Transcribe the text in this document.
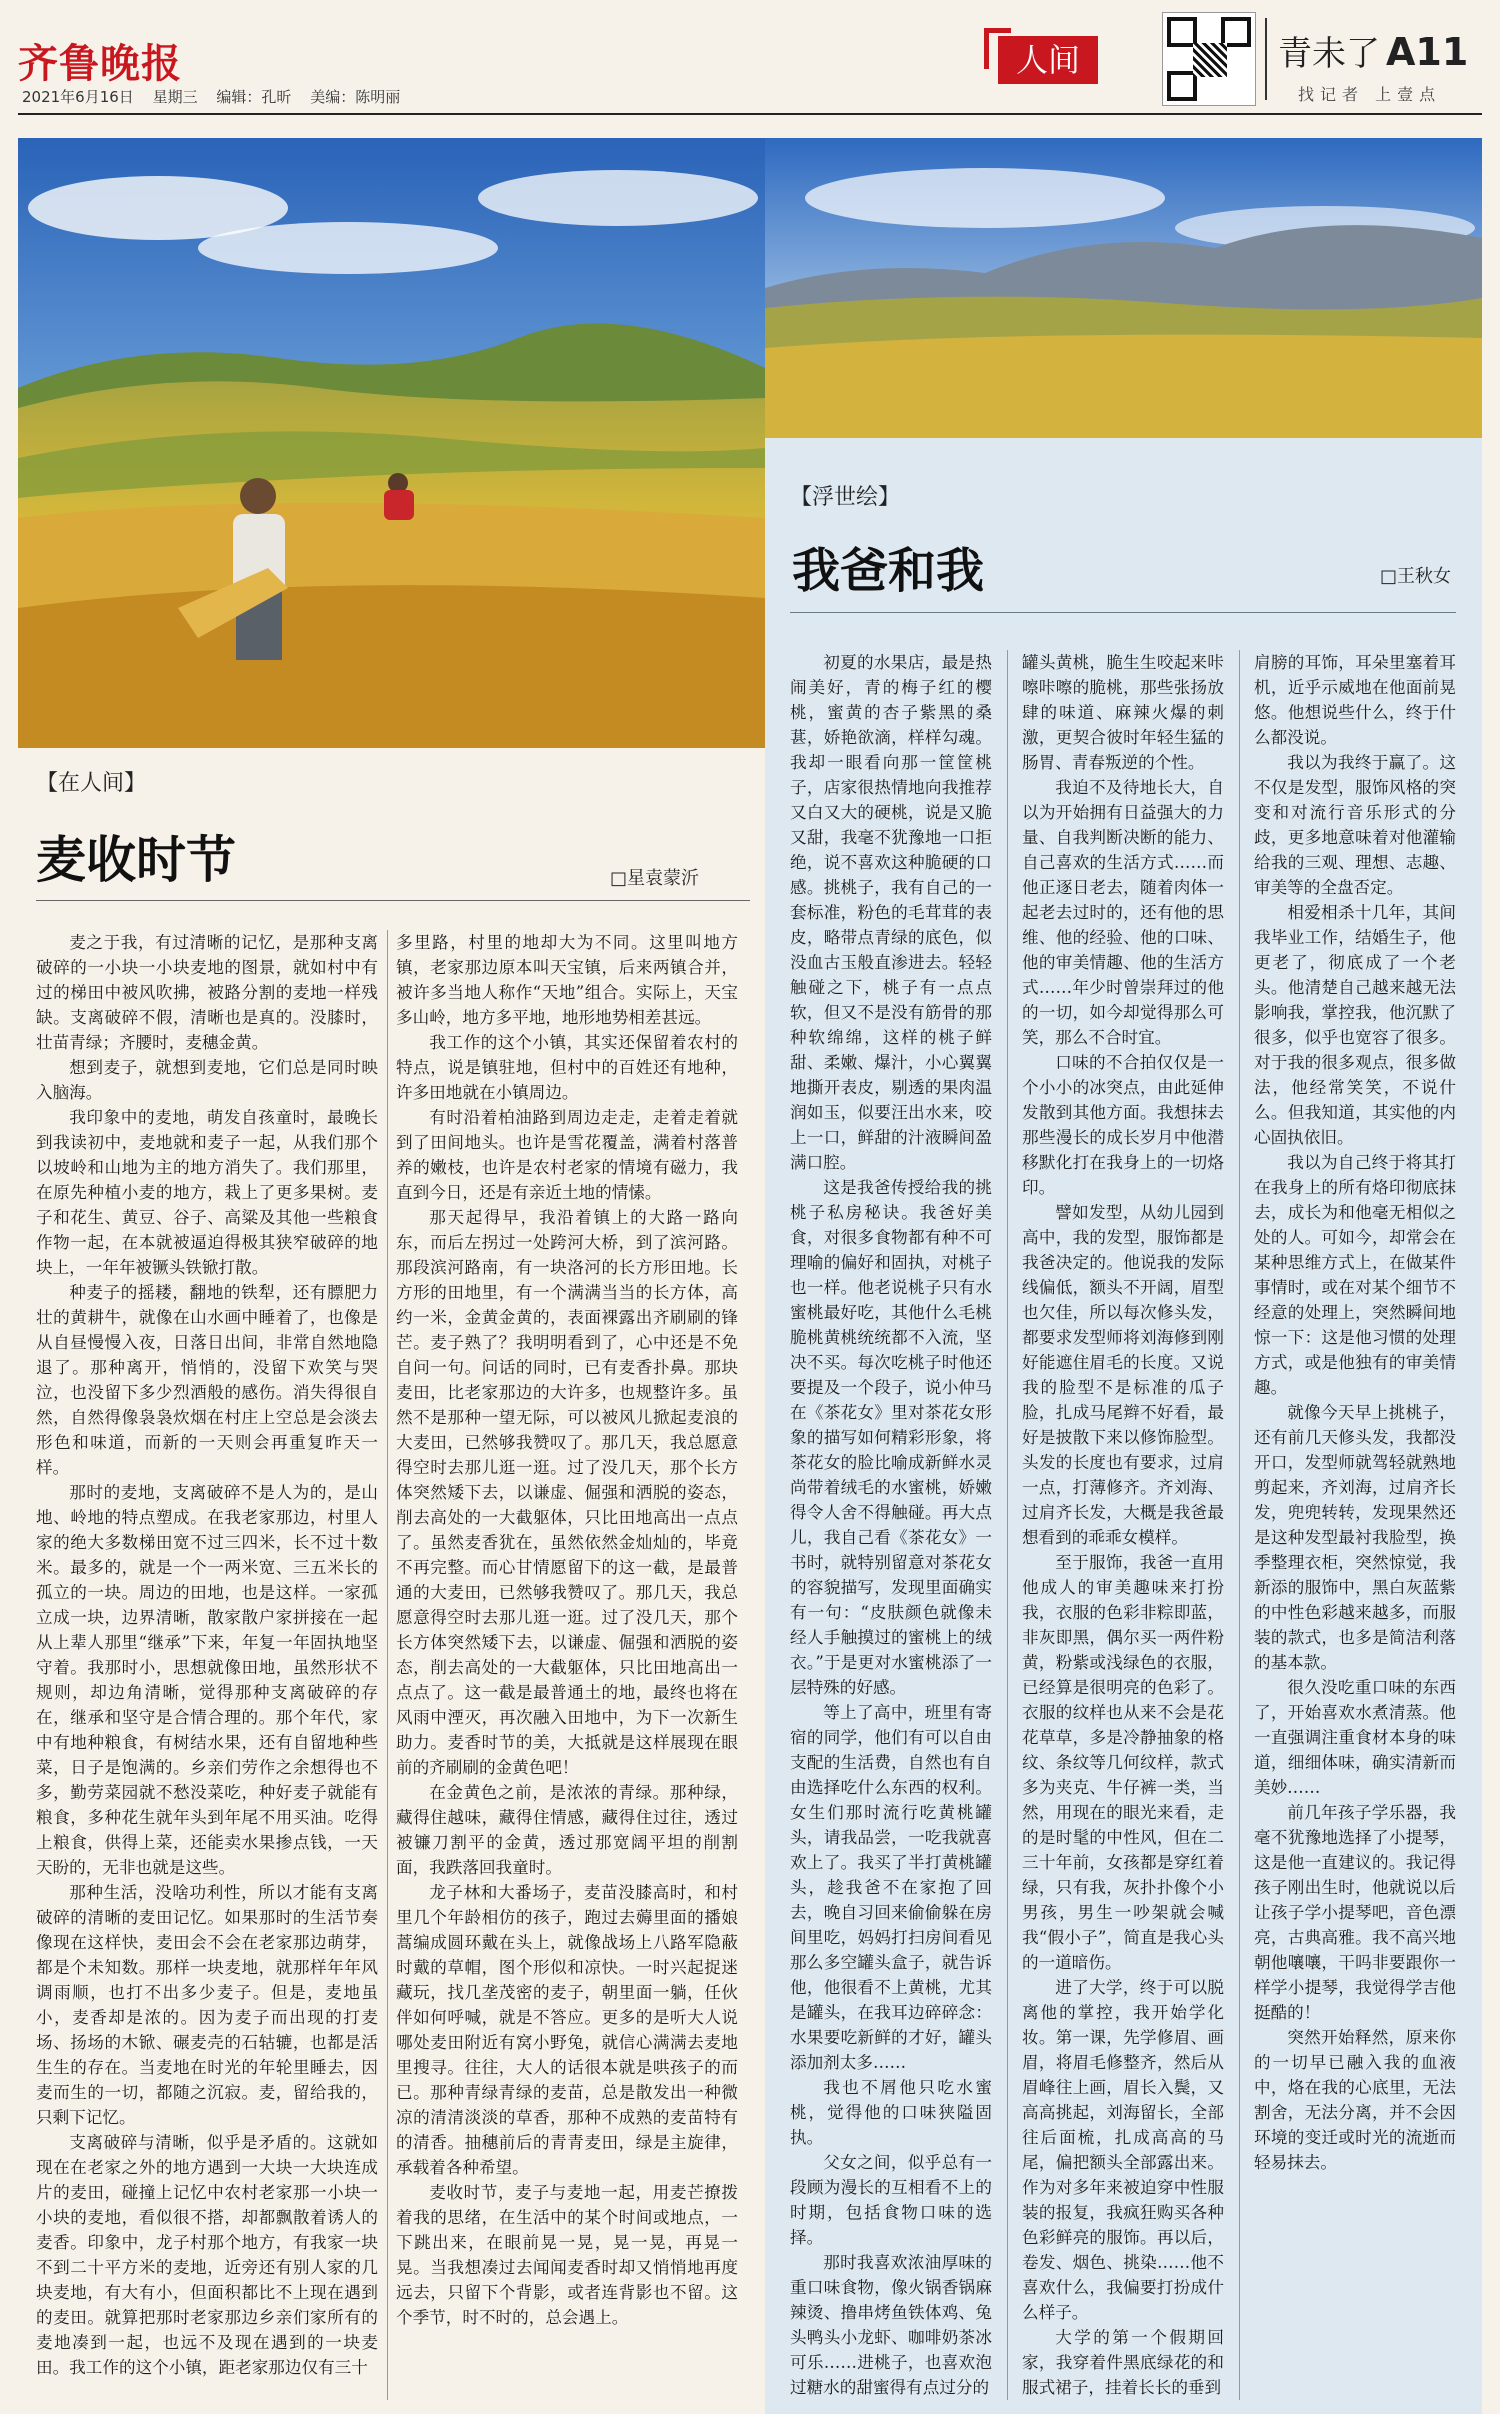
齐鲁晚报
2021年6月16日 星期三 编辑：孔昕 美编：陈明丽
人间	青未了 A11
找记者 上壹点
【在人间】
麦收时节	□星袁蒙沂

麦之于我，有过清晰的记忆，是那种支离破碎的一小块一小块麦地的图景，就如村中有过的梯田中被风吹拂，被路分割的麦地一样残缺。支离破碎不假，清晰也是真的。没膝时，壮苗青绿；齐腰时，麦穗金黄。

想到麦子，就想到麦地，它们总是同时映入脑海。

我印象中的麦地，萌发自孩童时，最晚长到我读初中，麦地就和麦子一起，从我们那个以坡岭和山地为主的地方消失了。我们那里，在原先种植小麦的地方，栽上了更多果树。麦子和花生、黄豆、谷子、高粱及其他一些粮食作物一起，在本就被逼迫得极其狭窄破碎的地块上，一年年被镢头铁锨打散。

种麦子的摇耧，翻地的铁犁，还有膘肥力壮的黄耕牛，就像在山水画中睡着了，也像是从自昼慢慢入夜，日落日出间，非常自然地隐退了。那种离开，悄悄的，没留下欢笑与哭泣，也没留下多少烈酒般的感伤。消失得很自然，自然得像袅袅炊烟在村庄上空总是会淡去形色和味道，而新的一天则会再重复昨天一样。

那时的麦地，支离破碎不是人为的，是山地、岭地的特点塑成。在我老家那边，村里人家的绝大多数梯田宽不过三四米，长不过十数米。最多的，就是一个一两米宽、三五米长的孤立的一块。周边的田地，也是这样。一家孤立成一块，边界清晰，散家散户家拼接在一起从上辈人那里“继承”下来，年复一年固执地坚守着。我那时小，思想就像田地，虽然形状不规则，却边角清晰，觉得那种支离破碎的存在，继承和坚守是合情合理的。那个年代，家中有地种粮食，有树结水果，还有自留地种些菜，日子是饱满的。乡亲们劳作之余想得也不多，勤劳菜园就不愁没菜吃，种好麦子就能有粮食，多种花生就年头到年尾不用买油。吃得上粮食，供得上菜，还能卖水果掺点钱，一天天盼的，无非也就是这些。

那种生活，没啥功利性，所以才能有支离破碎的清晰的麦田记忆。如果那时的生活节奏像现在这样快，麦田会不会在老家那边萌芽，都是个未知数。那样一块麦地，就那样年年风调雨顺，也打不出多少麦子。但是，麦地虽小，麦香却是浓的。因为麦子而出现的打麦场、扬场的木锨、碾麦壳的石轱辘，也都是活生生的存在。当麦地在时光的年轮里睡去，因麦而生的一切，都随之沉寂。麦，留给我的，只剩下记忆。

支离破碎与清晰，似乎是矛盾的。这就如现在在老家之外的地方遇到一大块一大块连成片的麦田，碰撞上记忆中农村老家那一小块一小块的麦地，看似很不搭，却都飘散着诱人的麦香。印象中，龙子村那个地方，有我家一块不到二十平方米的麦地，近旁还有别人家的几块麦地，有大有小，但面积都比不上现在遇到的麦田。就算把那时老家那边乡亲们家所有的麦地凑到一起，也远不及现在遇到的一块麦田。我工作的这个小镇，距老家那边仅有三十

多里路，村里的地却大为不同。这里叫地方镇，老家那边原本叫天宝镇，后来两镇合并，被许多当地人称作“天地”组合。实际上，天宝多山岭，地方多平地，地形地势相差甚远。

我工作的这个小镇，其实还保留着农村的特点，说是镇驻地，但村中的百姓还有地种，许多田地就在小镇周边。

有时沿着柏油路到周边走走，走着走着就到了田间地头。也许是雪花覆盖，满着村落普养的嫩枝，也许是农村老家的情境有磁力，我直到今日，还是有亲近土地的情愫。

那天起得早，我沿着镇上的大路一路向东，而后左拐过一处跨河大桥，到了滨河路。那段滨河路南，有一块洛河的长方形田地。长方形的田地里，有一个满满当当的长方体，高约一米，金黄金黄的，表面裸露出齐刷刷的锋芒。麦子熟了？我明明看到了，心中还是不免自问一句。问话的同时，已有麦香扑鼻。那块麦田，比老家那边的大许多，也规整许多。虽然不是那种一望无际，可以被风儿掀起麦浪的大麦田，已然够我赞叹了。那几天，我总愿意得空时去那儿逛一逛。过了没几天，那个长方体突然矮下去，以谦虚、倔强和洒脱的姿态，削去高处的一大截躯体，只比田地高出一点点了。虽然麦香犹在，虽然依然金灿灿的，毕竟不再完整。而心甘情愿留下的这一截，是最普通的大麦田，已然够我赞叹了。那几天，我总愿意得空时去那儿逛一逛。过了没几天，那个长方体突然矮下去，以谦虚、倔强和洒脱的姿态，削去高处的一大截躯体，只比田地高出一点点了。这一截是最普通土的地，最终也将在风雨中湮灭，再次融入田地中，为下一次新生助力。麦香时节的美，大抵就是这样展现在眼前的齐刷刷的金黄色吧！

在金黄色之前，是浓浓的青绿。那种绿，藏得住越味，藏得住情感，藏得住过往，透过被镰刀割平的金黄，透过那宽阔平坦的削割面，我跌落回我童时。

龙子林和大番场子，麦苗没膝高时，和村里几个年龄相仿的孩子，跑过去薅里面的播娘蒿编成圆环戴在头上，就像战场上八路军隐蔽时戴的草帽，图个形似和凉快。一时兴起捉迷藏玩，找几垄茂密的麦子，朝里面一躺，任伙伴如何呼喊，就是不答应。更多的是听大人说哪处麦田附近有窝小野兔，就信心满满去麦地里搜寻。往往，大人的话很本就是哄孩子的而已。那种青绿青绿的麦苗，总是散发出一种微凉的清清淡淡的草香，那种不成熟的麦苗特有的清香。抽穗前后的青青麦田，绿是主旋律，承载着各种希望。

麦收时节，麦子与麦地一起，用麦芒撩拨着我的思绪，在生活中的某个时间或地点，一下跳出来，在眼前晃一晃，晃一晃，再晃一晃。当我想凑过去闻闻麦香时却又悄悄地再度远去，只留下个背影，或者连背影也不留。这个季节，时不时的，总会遇上。

【浮世绘】
我爸和我	□王秋女

初夏的水果店，最是热闹美好，青的梅子红的樱桃，蜜黄的杏子紫黑的桑葚，娇艳欲滴，样样勾魂。我却一眼看向那一筐筐桃子，店家很热情地向我推荐又白又大的硬桃，说是又脆又甜，我毫不犹豫地一口拒绝，说不喜欢这种脆硬的口感。挑桃子，我有自己的一套标准，粉色的毛茸茸的表皮，略带点青绿的底色，似没血古玉般直渗进去。轻轻触碰之下，桃子有一点点软，但又不是没有筋骨的那种软绵绵，这样的桃子鲜甜、柔嫩、爆汁，小心翼翼地撕开表皮，剔透的果肉温润如玉，似要汪出水来，咬上一口，鲜甜的汁液瞬间盈满口腔。

这是我爸传授给我的挑桃子私房秘诀。我爸好美食，对很多食物都有种不可理喻的偏好和固执，对桃子也一样。他老说桃子只有水蜜桃最好吃，其他什么毛桃脆桃黄桃统统都不入流，坚决不买。每次吃桃子时他还要提及一个段子，说小仲马在《茶花女》里对茶花女形象的描写如何精彩形象，将茶花女的脸比喻成新鲜水灵尚带着绒毛的水蜜桃，娇嫩得令人舍不得触碰。再大点儿，我自己看《茶花女》一书时，就特别留意对茶花女的容貌描写，发现里面确实有一句：“皮肤颜色就像未经人手触摸过的蜜桃上的绒衣。”于是更对水蜜桃添了一层特殊的好感。

等上了高中，班里有寄宿的同学，他们有可以自由支配的生活费，自然也有自由选择吃什么东西的权利。女生们那时流行吃黄桃罐头，请我品尝，一吃我就喜欢上了。我买了半打黄桃罐头，趁我爸不在家抱了回去，晚自习回来偷偷躲在房间里吃，妈妈打扫房间看见那么多空罐头盒子，就告诉他，他很看不上黄桃，尤其是罐头，在我耳边碎碎念：水果要吃新鲜的才好，罐头添加剂太多……

我也不屑他只吃水蜜桃，觉得他的口味狭隘固执。

父女之间，似乎总有一段顾为漫长的互相看不上的时期，包括食物口味的选择。

那时我喜欢浓油厚味的重口味食物，像火锅香锅麻辣烫、撸串烤鱼铁体鸡、兔头鸭头小龙虾、咖啡奶茶冰可乐……进桃子，也喜欢泡过糖水的甜蜜得有点过分的

罐头黄桃，脆生生咬起来咔嚓咔嚓的脆桃，那些张扬放肆的味道、麻辣火爆的刺激，更契合彼时年轻生猛的肠胃、青春叛逆的个性。

我迫不及待地长大，自以为开始拥有日益强大的力量、自我判断决断的能力、自己喜欢的生活方式……而他正逐日老去，随着肉体一起老去过时的，还有他的思维、他的经验、他的口味、他的审美情趣、他的生活方式……年少时曾崇拜过的他的一切，如今却觉得那么可笑，那么不合时宜。

口味的不合拍仅仅是一个小小的冰突点，由此延伸发散到其他方面。我想抹去那些漫长的成长岁月中他潜移默化打在我身上的一切烙印。

譬如发型，从幼儿园到高中，我的发型，服饰都是我爸决定的。他说我的发际线偏低，额头不开阔，眉型也欠佳，所以每次修头发，都要求发型师将刘海修到刚好能遮住眉毛的长度。又说我的脸型不是标准的瓜子脸，扎成马尾辫不好看，最好是披散下来以修饰脸型。头发的长度也有要求，过肩一点，打薄修齐。齐刘海、过肩齐长发，大概是我爸最想看到的乖乖女模样。

至于服饰，我爸一直用他成人的审美趣味来打扮我，衣服的色彩非粽即蓝，非灰即黑，偶尔买一两件粉黄，粉紫或浅绿色的衣服，已经算是很明亮的色彩了。衣服的纹样也从来不会是花花草草，多是冷静抽象的格纹、条纹等几何纹样，款式多为夹克、牛仔裤一类，当然，用现在的眼光来看，走的是时髦的中性风，但在二三十年前，女孩都是穿红着绿，只有我，灰扑扑像个小男孩，男生一吵架就会喊我“假小子”，简直是我心头的一道暗伤。

进了大学，终于可以脱离他的掌控，我开始学化妆。第一课，先学修眉、画眉，将眉毛修整齐，然后从眉峰往上画，眉长入鬓，又高高挑起，刘海留长，全部往后面梳，扎成高高的马尾，偏把额头全部露出来。作为对多年来被迫穿中性服装的报复，我疯狂购买各种色彩鲜亮的服饰。再以后，卷发、烟色、挑染……他不喜欢什么，我偏要打扮成什么样子。

大学的第一个假期回家，我穿着件黑底绿花的和服式裙子，挂着长长的垂到

肩膀的耳饰，耳朵里塞着耳机，近乎示威地在他面前晃悠。他想说些什么，终于什么都没说。

我以为我终于赢了。这不仅是发型，服饰风格的突变和对流行音乐形式的分歧，更多地意味着对他灌输给我的三观、理想、志趣、审美等的全盘否定。

相爱相杀十几年，其间我毕业工作，结婚生子，他更老了，彻底成了一个老头。他清楚自己越来越无法影响我，掌控我，他沉默了很多，似乎也宽容了很多。对于我的很多观点，很多做法，他经常笑笑，不说什么。但我知道，其实他的内心固执依旧。

我以为自己终于将其打在我身上的所有烙印彻底抹去，成长为和他毫无相似之处的人。可如今，却常会在某种思维方式上，在做某件事情时，或在对某个细节不经意的处理上，突然瞬间地惊一下：这是他习惯的处理方式，或是他独有的审美情趣。

就像今天早上挑桃子，还有前几天修头发，我都没开口，发型师就驾轻就熟地剪起来，齐刘海，过肩齐长发，兜兜转转，发现果然还是这种发型最衬我脸型，换季整理衣柜，突然惊觉，我新添的服饰中，黑白灰蓝紫的中性色彩越来越多，而服装的款式，也多是简洁利落的基本款。

很久没吃重口味的东西了，开始喜欢水煮清蒸。他一直强调注重食材本身的味道，细细体味，确实清新而美妙……

前几年孩子学乐器，我毫不犹豫地选择了小提琴，这是他一直建议的。我记得孩子刚出生时，他就说以后让孩子学小提琴吧，音色漂亮，古典高雅。我不高兴地朝他嚷嚷，干吗非要跟你一样学小提琴，我觉得学吉他挺酷的！

突然开始释然，原来你的一切早已融入我的血液中，烙在我的心底里，无法割舍，无法分离，并不会因环境的变迁或时光的流逝而轻易抹去。
